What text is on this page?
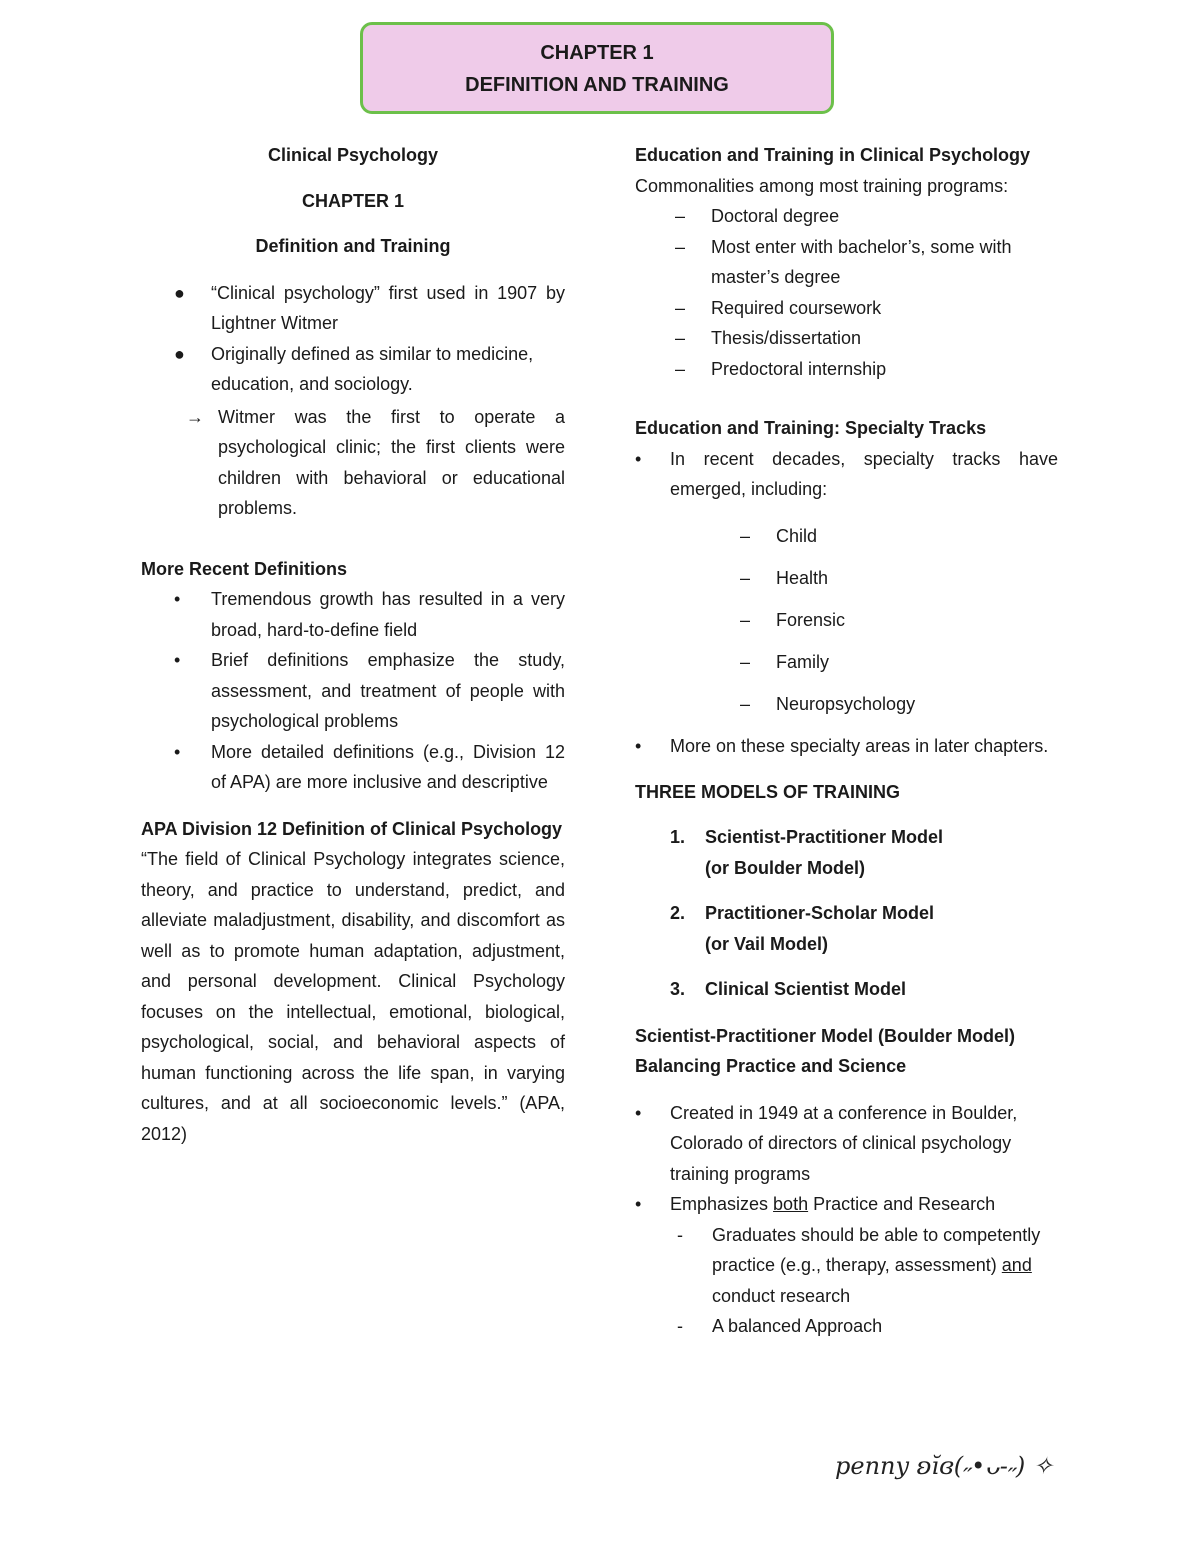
CHAPTER 1
DEFINITION AND TRAINING

Clinical Psychology

CHAPTER 1

Definition and Training

● “Clinical psychology” first used in 1907 by Lightner Witmer
● Originally defined as similar to medicine, education, and sociology.
→ Witmer was the first to operate a psychological clinic; the first clients were children with behavioral or educational problems.

More Recent Definitions

• Tremendous growth has resulted in a very broad, hard-to-define field
• Brief definitions emphasize the study, assessment, and treatment of people with psychological problems
• More detailed definitions (e.g., Division 12 of APA) are more inclusive and descriptive

APA Division 12 Definition of Clinical Psychology

“The field of Clinical Psychology integrates science, theory, and practice to understand, predict, and alleviate maladjustment, disability, and discomfort as well as to promote human adaptation, adjustment, and personal development. Clinical Psychology focuses on the intellectual, emotional, biological, psychological, social, and behavioral aspects of human functioning across the life span, in varying cultures, and at all socioeconomic levels.” (APA, 2012)

Education and Training in Clinical Psychology

Commonalities among most training programs:

– Doctoral degree
– Most enter with bachelor’s, some with master’s degree
– Required coursework
– Thesis/dissertation
– Predoctoral internship

Education and Training: Specialty Tracks

• In recent decades, specialty tracks have emerged, including:
– Child
– Health
– Forensic
– Family
– Neuropsychology
• More on these specialty areas in later chapters.

THREE MODELS OF TRAINING

1. Scientist-Practitioner Model
(or Boulder Model)
2. Practitioner-Scholar Model
(or Vail Model)
3. Clinical Scientist Model

Scientist-Practitioner Model (Boulder Model)

Balancing Practice and Science

• Created in 1949 at a conference in Boulder, Colorado of directors of clinical psychology training programs
• Emphasizes both Practice and Research
- Graduates should be able to competently practice (e.g., therapy, assessment) and conduct research
- A balanced Approach
penny ʚĭɞ(˶•ᴗ-˶) ✧
